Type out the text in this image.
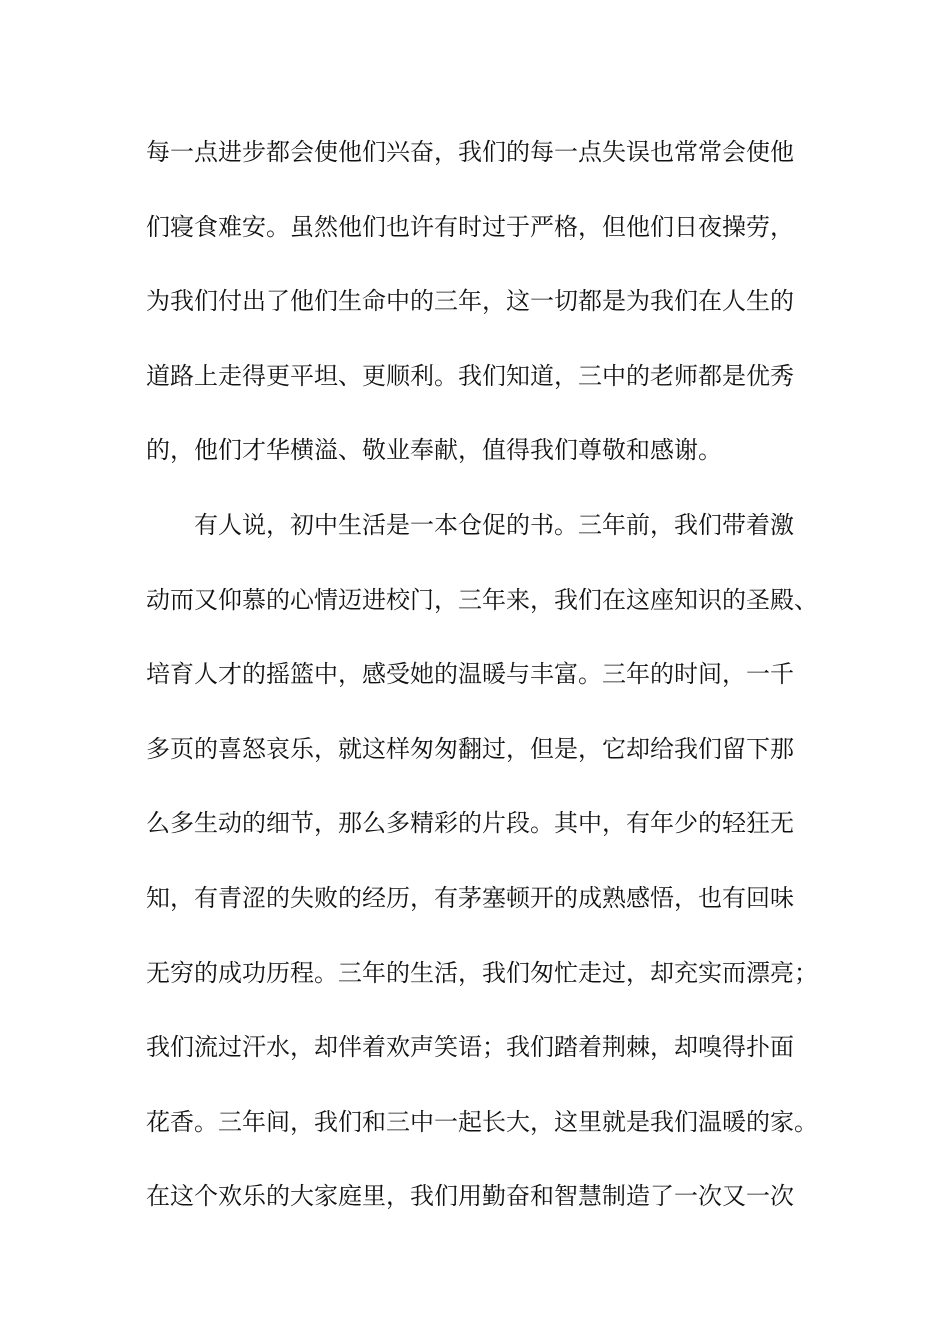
每一点进步都会使他们兴奋，我们的每一点失误也常常会使他
们寝食难安。虽然他们也许有时过于严格，但他们日夜操劳，
为我们付出了他们生命中的三年，这一切都是为我们在人生的
道路上走得更平坦、更顺利。我们知道，三中的老师都是优秀
的，他们才华横溢、敬业奉献，值得我们尊敬和感谢。
有人说，初中生活是一本仓促的书。三年前，我们带着激
动而又仰慕的心情迈进校门，三年来，我们在这座知识的圣殿、
培育人才的摇篮中，感受她的温暖与丰富。三年的时间，一千
多页的喜怒哀乐，就这样匆匆翻过，但是，它却给我们留下那
么多生动的细节，那么多精彩的片段。其中，有年少的轻狂无
知，有青涩的失败的经历，有茅塞顿开的成熟感悟，也有回味
无穷的成功历程。三年的生活，我们匆忙走过，却充实而漂亮；
我们流过汗水，却伴着欢声笑语；我们踏着荆棘，却嗅得扑面
花香。三年间，我们和三中一起长大，这里就是我们温暖的家。
在这个欢乐的大家庭里，我们用勤奋和智慧制造了一次又一次
